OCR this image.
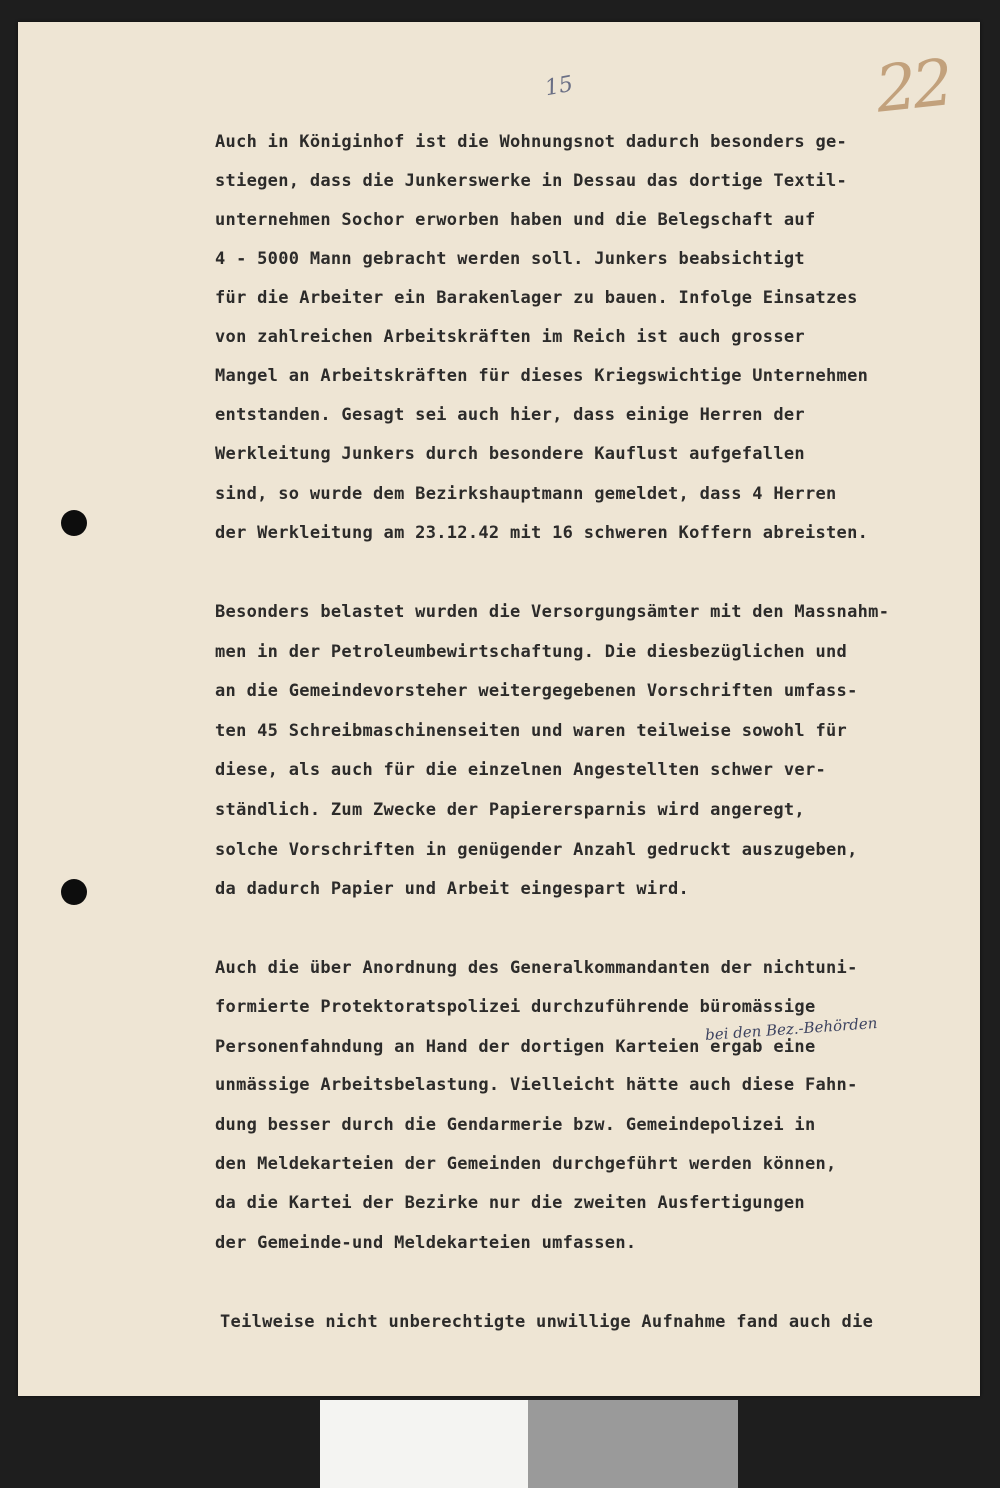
15	22

Auch in Königinhof ist die Wohnungsnot dadurch besonders ge-

stiegen, dass die Junkerswerke in Dessau das dortige Textil-

unternehmen Sochor erworben haben und die Belegschaft auf

4 - 5000 Mann gebracht werden soll. Junkers beabsichtigt

für die Arbeiter ein Barakenlager zu bauen. Infolge Einsatzes

von zahlreichen Arbeitskräften im Reich ist auch grosser

Mangel an Arbeitskräften für dieses Kriegswichtige Unternehmen

entstanden. Gesagt sei auch hier, dass einige Herren der

Werkleitung Junkers durch besondere Kauflust aufgefallen

sind, so wurde dem Bezirkshauptmann gemeldet, dass 4 Herren

der Werkleitung am 23.12.42 mit 16 schweren Koffern abreisten.

Besonders belastet wurden die Versorgungsämter mit den Massnahm-

men in der Petroleumbewirtschaftung. Die diesbezüglichen und

an die Gemeindevorsteher weitergegebenen Vorschriften umfass-

ten 45 Schreibmaschinenseiten und waren teilweise sowohl für

diese, als auch für die einzelnen Angestellten schwer ver-

ständlich. Zum Zwecke der Papierersparnis wird angeregt,

solche Vorschriften in genügender Anzahl gedruckt auszugeben,

da dadurch Papier und Arbeit eingespart wird.

Auch die über Anordnung des Generalkommandanten der nichtuni-

formierte Protektoratspolizei durchzuführende büromässige

bei den Bez.-Behörden

Personenfahndung an Hand der dortigen Karteien ergab eine

unmässige Arbeitsbelastung. Vielleicht hätte auch diese Fahn-

dung besser durch die Gendarmerie bzw. Gemeindepolizei in

den Meldekarteien der Gemeinden durchgeführt werden können,

da die Kartei der Bezirke nur die zweiten Ausfertigungen

der Gemeinde-und Meldekarteien umfassen.

Teilweise nicht unberechtigte unwillige Aufnahme fand auch die
